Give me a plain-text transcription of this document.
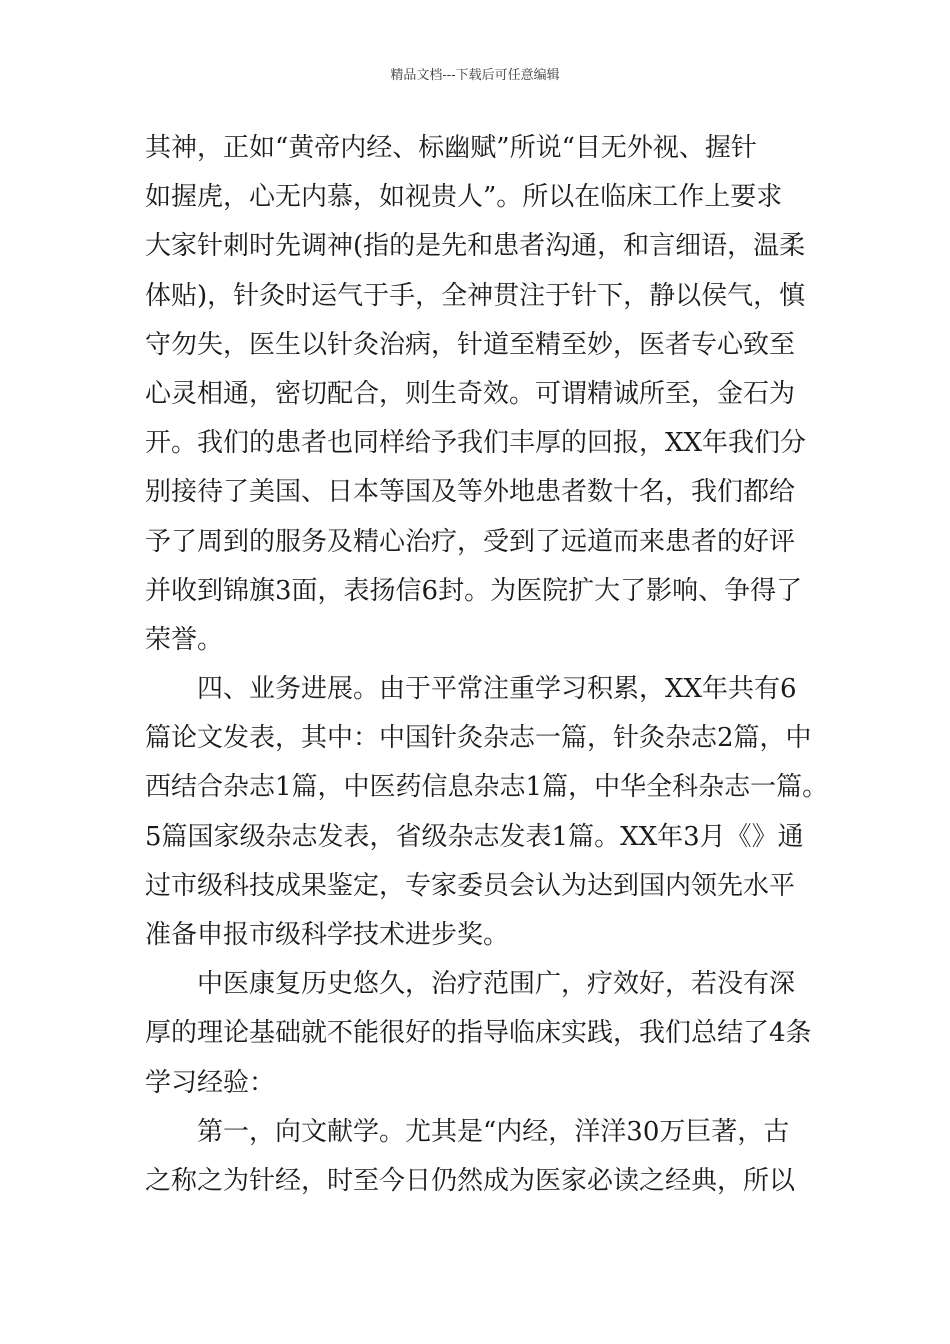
精品文档---下载后可任意编辑
其神，正如“黄帝内经、标幽赋”所说“目无外视、握针
如握虎，心无内慕，如视贵人”。所以在临床工作上要求
大家针刺时先调神(指的是先和患者沟通，和言细语，温柔
体贴)，针灸时运气于手，全神贯注于针下，静以侯气，慎
守勿失，医生以针灸治病，针道至精至妙，医者专心致至
心灵相通，密切配合，则生奇效。可谓精诚所至，金石为
开。我们的患者也同样给予我们丰厚的回报，XX年我们分
别接待了美国、日本等国及等外地患者数十名，我们都给
予了周到的服务及精心治疗，受到了远道而来患者的好评
并收到锦旗3面，表扬信6封。为医院扩大了影响、争得了
荣誉。
四、业务进展。由于平常注重学习积累，XX年共有6
篇论文发表，其中：中国针灸杂志一篇，针灸杂志2篇，中
西结合杂志1篇，中医药信息杂志1篇，中华全科杂志一篇。
5篇国家级杂志发表，省级杂志发表1篇。XX年3月《》通
过市级科技成果鉴定，专家委员会认为达到国内领先水平
准备申报市级科学技术进步奖。
中医康复历史悠久，治疗范围广，疗效好，若没有深
厚的理论基础就不能很好的指导临床实践，我们总结了4条
学习经验：
第一，向文献学。尤其是“内经，洋洋30万巨著，古
之称之为针经，时至今日仍然成为医家必读之经典，所以
